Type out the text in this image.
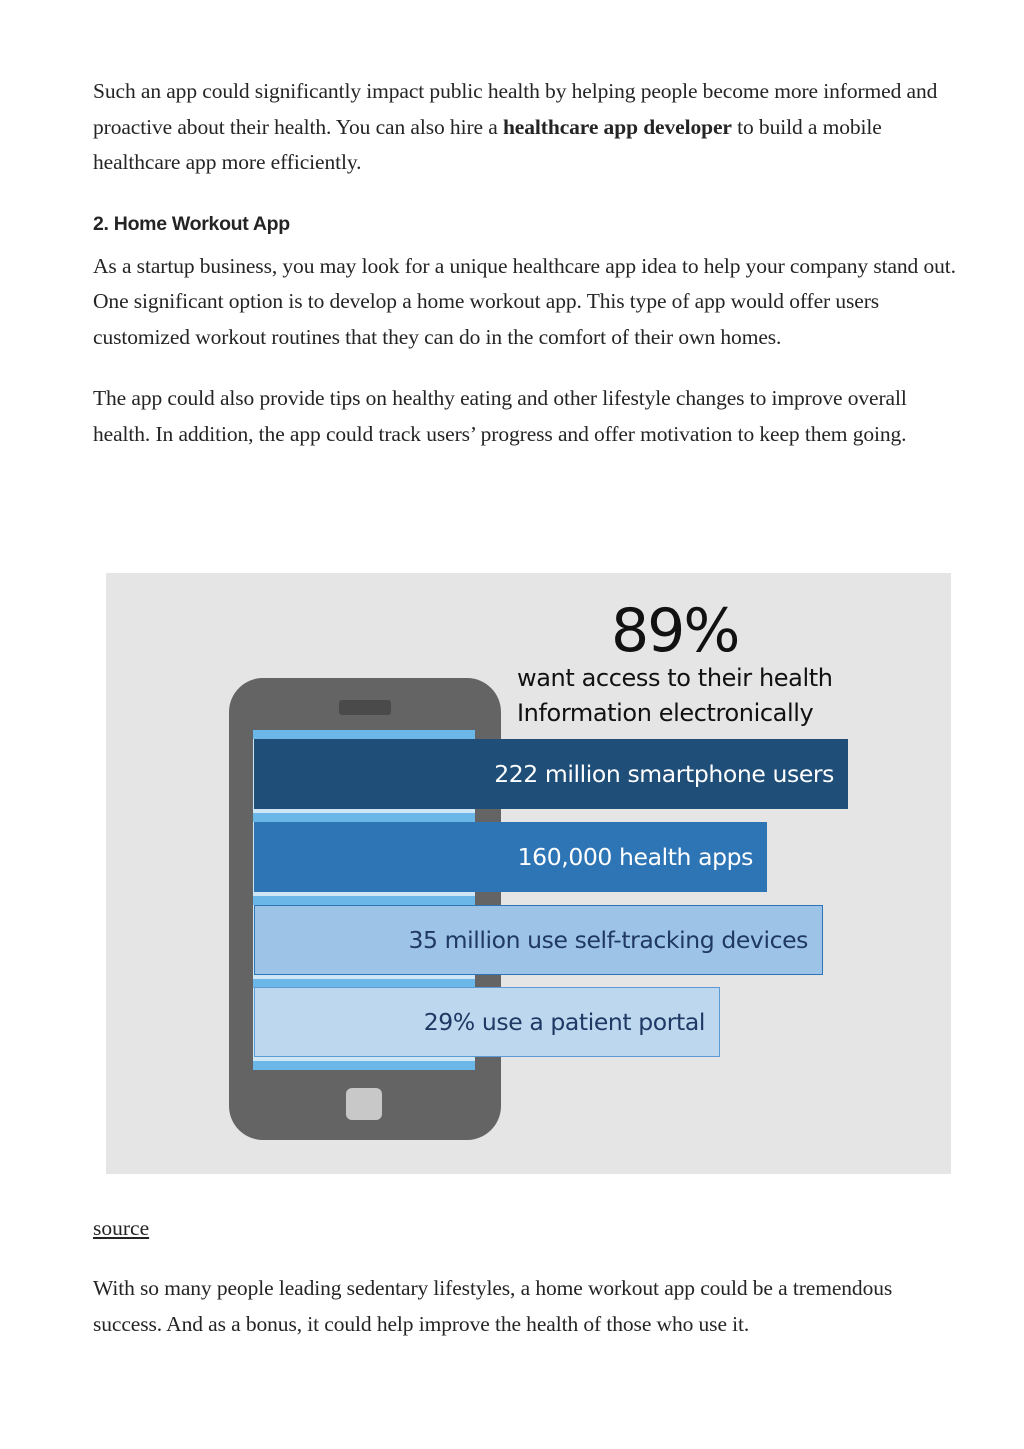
Such an app could significantly impact public health by helping people become more informed and proactive about their health. You can also hire a healthcare app developer to build a mobile healthcare app more efficiently.

2. Home Workout App

As a startup business, you may look for a unique healthcare app idea to help your company stand out. One significant option is to develop a home workout app. This type of app would offer users customized workout routines that they can do in the comfort of their own homes.

The app could also provide tips on healthy eating and other lifestyle changes to improve overall health. In addition, the app could track users’ progress and offer motivation to keep them going.

89%
want access to their health
Information electronically
222 million smartphone users
160,000 health apps
35 million use self-tracking devices
29% use a patient portal
source

With so many people leading sedentary lifestyles, a home workout app could be a tremendous success. And as a bonus, it could help improve the health of those who use it.
